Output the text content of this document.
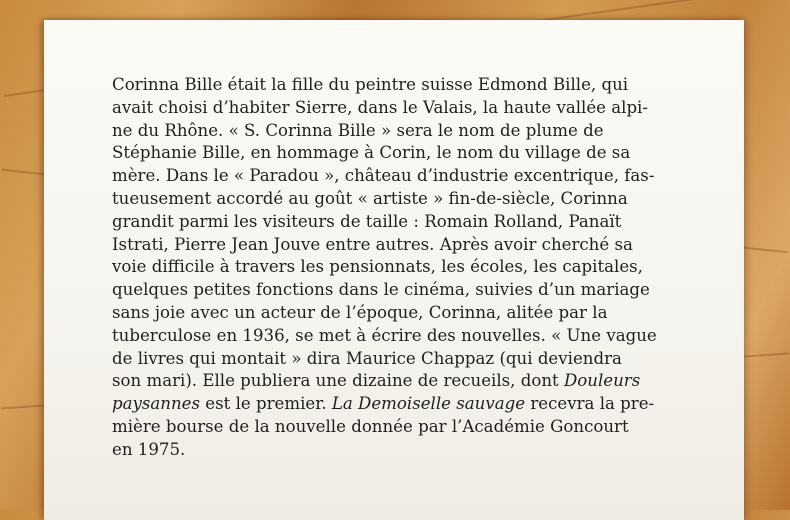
Corinna Bille était la fille du peintre suisse Edmond Bille, qui
avait choisi d’habiter Sierre, dans le Valais, la haute vallée alpi-
ne du Rhône. « S. Corinna Bille » sera le nom de plume de
Stéphanie Bille, en hommage à Corin, le nom du village de sa
mère. Dans le « Paradou », château d’industrie excentrique, fas-
tueusement accordé au goût « artiste » fin-de-siècle, Corinna
grandit parmi les visiteurs de taille : Romain Rolland, Panaït
Istrati, Pierre Jean Jouve entre autres. Après avoir cherché sa
voie difficile à travers les pensionnats, les écoles, les capitales,
quelques petites fonctions dans le cinéma, suivies d’un mariage
sans joie avec un acteur de l’époque, Corinna, alitée par la
tuberculose en 1936, se met à écrire des nouvelles. « Une vague
de livres qui montait » dira Maurice Chappaz (qui deviendra
son mari). Elle publiera une dizaine de recueils, dont Douleurs
paysannes est le premier. La Demoiselle sauvage recevra la pre-
mière bourse de la nouvelle donnée par l’Académie Goncourt
en 1975.
